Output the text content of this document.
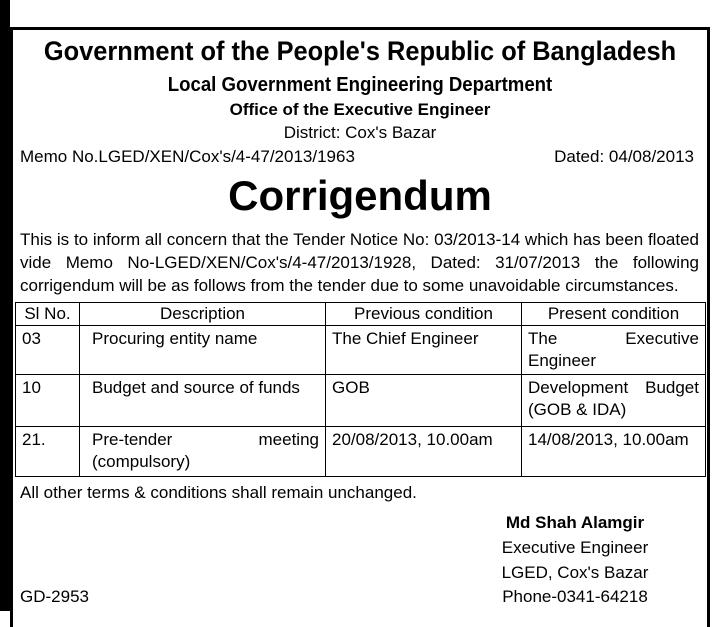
Government of the People's Republic of Bangladesh
Local Government Engineering Department
Office of the Executive Engineer
District: Cox's Bazar
Memo No.LGED/XEN/Cox's/4-47/2013/1963	Dated: 04/08/2013
Corrigendum
This is to inform all concern that the Tender Notice No: 03/2013-14 which has been floated
vide Memo No-LGED/XEN/Cox's/4-47/2013/1928, Dated: 31/07/2013 the following
corrigendum will be as follows from the tender due to some unavoidable circumstances.
Sl No.	Description	Previous condition	Present condition
03	Procuring entity name	The Chief Engineer	The Executive Engineer

10	Budget and source of funds	GOB	Development Budget (GOB & IDA)

21.	Pre-tender meeting (compulsory)	20/08/2013, 10.00am	14/08/2013, 10.00am
All other terms & conditions shall remain unchanged.
Md Shah Alamgir
Executive Engineer
LGED, Cox's Bazar
Phone-0341-64218
GD-2953
